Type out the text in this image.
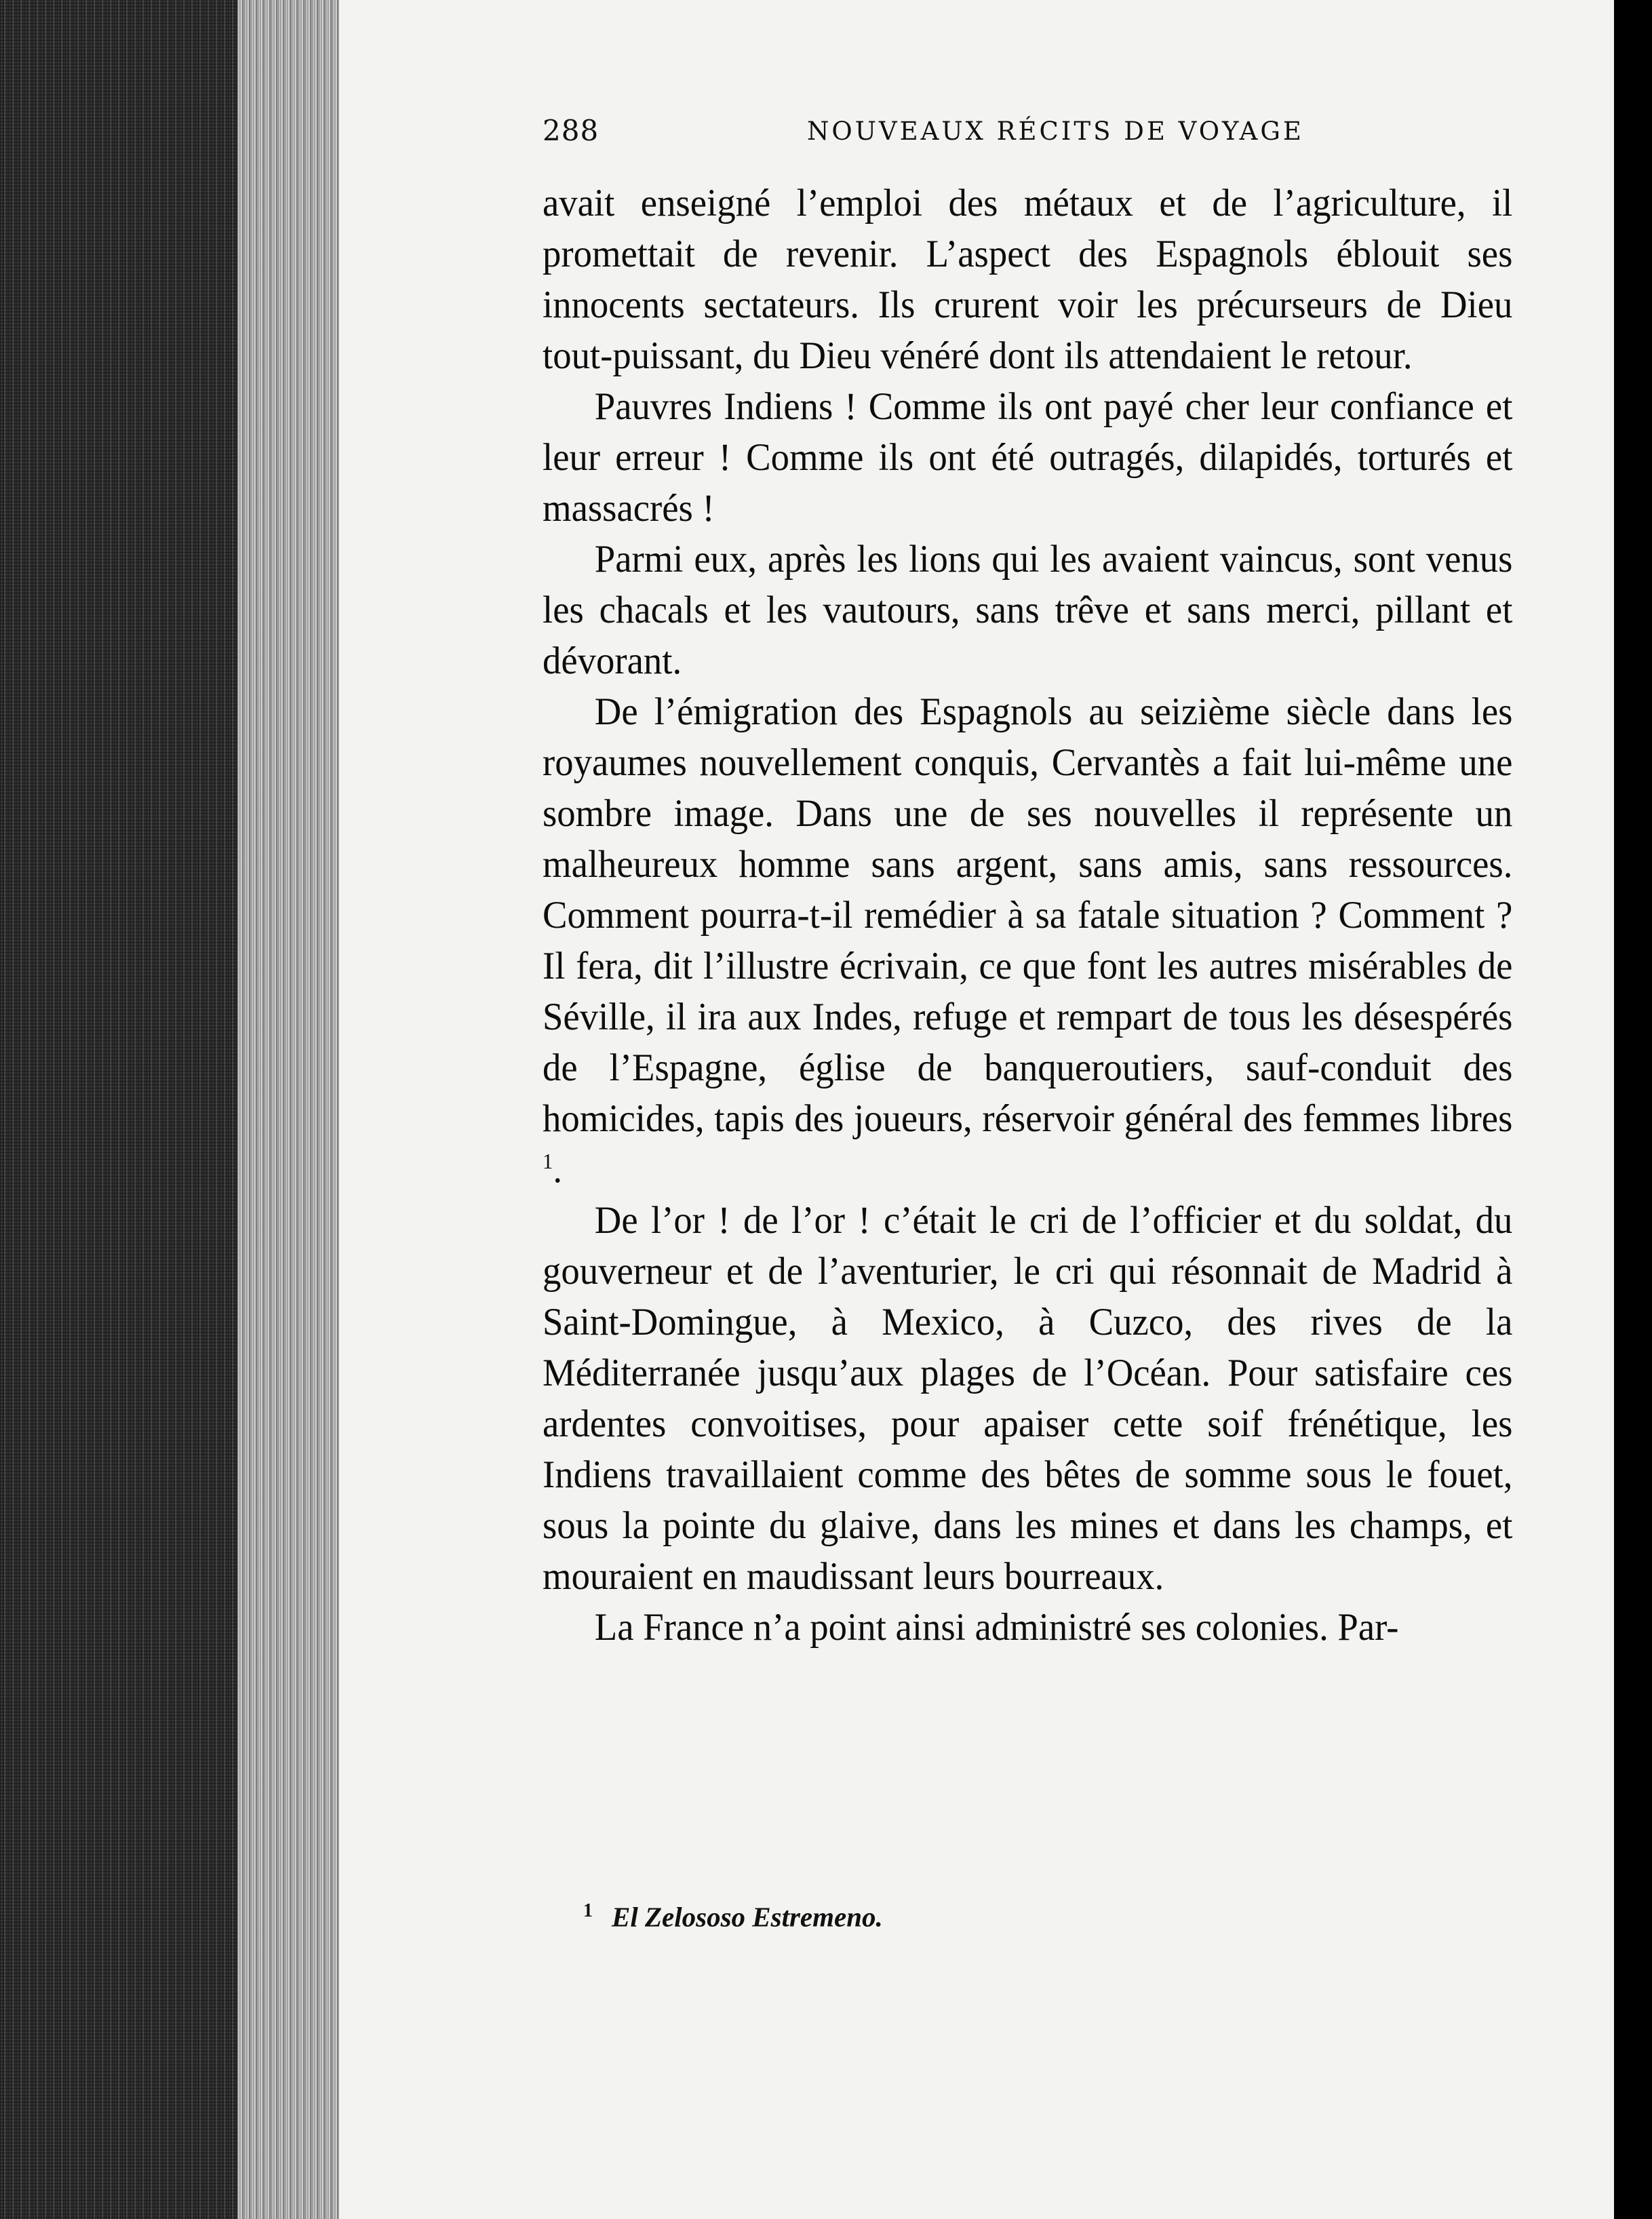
288	NOUVEAUX RÉCITS DE VOYAGE

avait enseigné l’emploi des métaux et de l’agriculture, il promettait de revenir. L’aspect des Espagnols éblouit ses innocents sectateurs. Ils crurent voir les précurseurs de Dieu tout-puissant, du Dieu vénéré dont ils attendaient le retour.

Pauvres Indiens ! Comme ils ont payé cher leur confiance et leur erreur ! Comme ils ont été outragés, dilapidés, torturés et massacrés !

Parmi eux, après les lions qui les avaient vaincus, sont venus les chacals et les vautours, sans trêve et sans merci, pillant et dévorant.

De l’émigration des Espagnols au seizième siècle dans les royaumes nouvellement conquis, Cervantès a fait lui-même une sombre image. Dans une de ses nouvelles il représente un malheureux homme sans argent, sans amis, sans ressources. Comment pourra-t-il remédier à sa fatale situation ? Comment ? Il fera, dit l’illustre écrivain, ce que font les autres misérables de Séville, il ira aux Indes, refuge et rempart de tous les désespérés de l’Espagne, église de banqueroutiers, sauf-conduit des homicides, tapis des joueurs, réservoir général des femmes libres $^1$.

De l’or ! de l’or ! c’était le cri de l’officier et du soldat, du gouverneur et de l’aventurier, le cri qui résonnait de Madrid à Saint-Domingue, à Mexico, à Cuzco, des rives de la Méditerranée jusqu’aux plages de l’Océan. Pour satisfaire ces ardentes convoitises, pour apaiser cette soif frénétique, les Indiens travaillaient comme des bêtes de somme sous le fouet, sous la pointe du glaive, dans les mines et dans les champs, et mouraient en maudissant leurs bourreaux.

La France n’a point ainsi administré ses colonies. Par-

$^1$ El Zelososo Estremeno.
